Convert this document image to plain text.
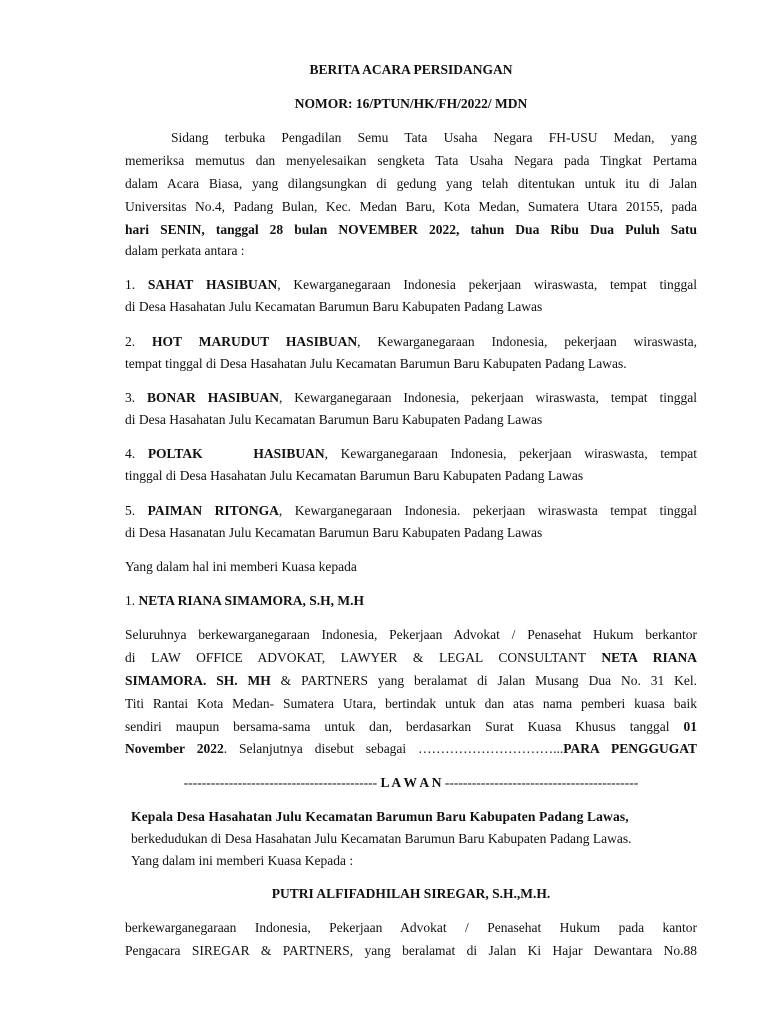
BERITA ACARA PERSIDANGAN
NOMOR: 16/PTUN/HK/FH/2022/ MDN
Sidang terbuka Pengadilan Semu Tata Usaha Negara FH-USU Medan, yang
memeriksa memutus dan menyelesaikan sengketa Tata Usaha Negara pada Tingkat Pertama
dalam Acara Biasa, yang dilangsungkan di gedung yang telah ditentukan untuk itu di Jalan
Universitas No.4, Padang Bulan, Kec. Medan Baru, Kota Medan, Sumatera Utara 20155, pada
hari SENIN, tanggal 28 bulan NOVEMBER 2022, tahun Dua Ribu Dua Puluh Satu
dalam perkata antara :
1. SAHAT HASIBUAN, Kewarganegaraan Indonesia pekerjaan wiraswasta, tempat tinggal
di Desa Hasahatan Julu Kecamatan Barumun Baru Kabupaten Padang Lawas
2. HOT MARUDUT HASIBUAN, Kewarganegaraan Indonesia, pekerjaan wiraswasta,
tempat tinggal di Desa Hasahatan Julu Kecamatan Barumun Baru Kabupaten Padang Lawas.
3. BONAR HASIBUAN, Kewarganegaraan Indonesia, pekerjaan wiraswasta, tempat tinggal
di Desa Hasahatan Julu Kecamatan Barumun Baru Kabupaten Padang Lawas
4. POLTAK    HASIBUAN, Kewarganegaraan Indonesia, pekerjaan wiraswasta, tempat
tinggal di Desa Hasahatan Julu Kecamatan Barumun Baru Kabupaten Padang Lawas
5. PAIMAN RITONGA, Kewarganegaraan Indonesia. pekerjaan wiraswasta tempat tinggal
di Desa Hasanatan Julu Kecamatan Barumun Baru Kabupaten Padang Lawas
Yang dalam hal ini memberi Kuasa kepada
1. NETA RIANA SIMAMORA, S.H, M.H
Seluruhnya berkewarganegaraan Indonesia, Pekerjaan Advokat / Penasehat Hukum berkantor
di LAW OFFICE ADVOKAT, LAWYER & LEGAL CONSULTANT NETA RIANA
SIMAMORA. SH. MH & PARTNERS yang beralamat di Jalan Musang Dua No. 31 Kel.
Titi Rantai Kota Medan- Sumatera Utara, bertindak untuk dan atas nama pemberi kuasa baik
sendiri maupun bersama-sama untuk dan, berdasarkan Surat Kuasa Khusus tanggal 01
November 2022. Selanjutnya disebut sebagai …………………………...PARA PENGGUGAT
------------------------------------------- L A W A N -------------------------------------------
Kepala Desa Hasahatan Julu Kecamatan Barumun Baru Kabupaten Padang Lawas,
berkedudukan di Desa Hasahatan Julu Kecamatan Barumun Baru Kabupaten Padang Lawas.
Yang dalam ini memberi Kuasa Kepada :
PUTRI ALFIFADHILAH SIREGAR, S.H.,M.H.
berkewarganegaraan Indonesia, Pekerjaan Advokat / Penasehat Hukum pada kantor
Pengacara SIREGAR & PARTNERS, yang beralamat di Jalan Ki Hajar Dewantara No.88
